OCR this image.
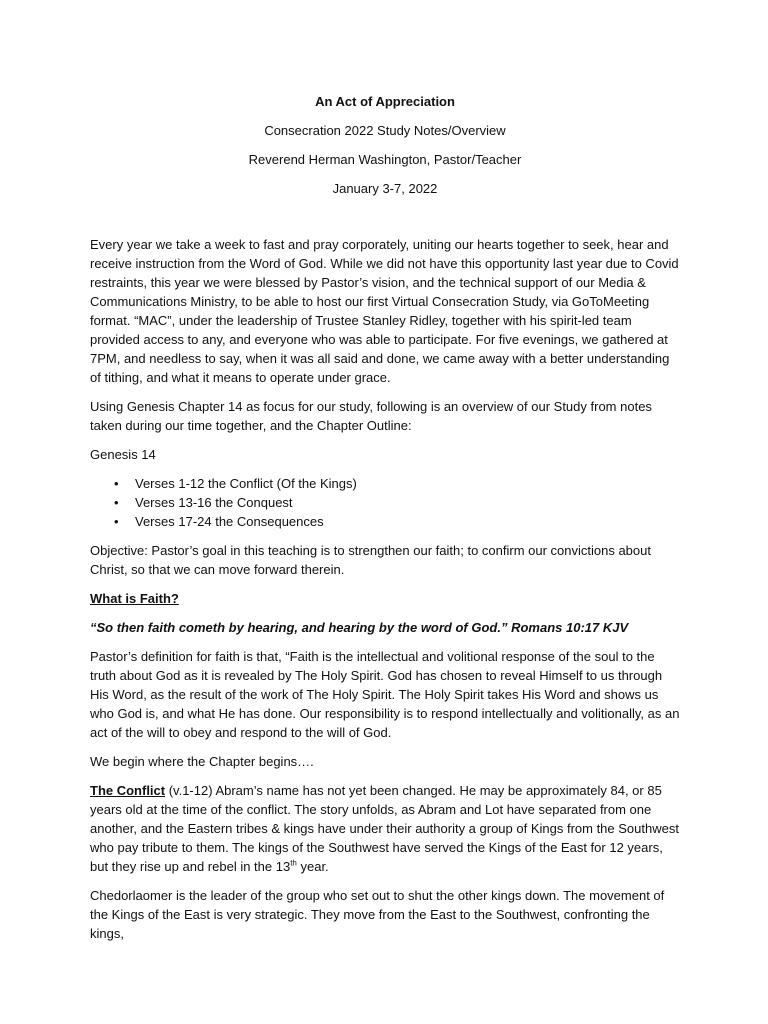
An Act of Appreciation

Consecration 2022 Study Notes/Overview

Reverend Herman Washington, Pastor/Teacher

January 3-7, 2022

Every year we take a week to fast and pray corporately, uniting our hearts together to seek, hear and receive instruction from the Word of God. While we did not have this opportunity last year due to Covid restraints, this year we were blessed by Pastor’s vision, and the technical support of our Media & Communications Ministry, to be able to host our first Virtual Consecration Study, via GoToMeeting format. “MAC”, under the leadership of Trustee Stanley Ridley, together with his spirit-led team provided access to any, and everyone who was able to participate. For five evenings, we gathered at 7PM, and needless to say, when it was all said and done, we came away with a better understanding of tithing, and what it means to operate under grace.

Using Genesis Chapter 14 as focus for our study, following is an overview of our Study from notes taken during our time together, and the Chapter Outline:

Genesis 14

• Verses 1-12 the Conflict (Of the Kings)
• Verses 13-16 the Conquest
• Verses 17-24 the Consequences

Objective: Pastor’s goal in this teaching is to strengthen our faith; to confirm our convictions about Christ, so that we can move forward therein.

What is Faith?

“So then faith cometh by hearing, and hearing by the word of God.” Romans 10:17 KJV

Pastor’s definition for faith is that, “Faith is the intellectual and volitional response of the soul to the truth about God as it is revealed by The Holy Spirit. God has chosen to reveal Himself to us through His Word, as the result of the work of The Holy Spirit. The Holy Spirit takes His Word and shows us who God is, and what He has done. Our responsibility is to respond intellectually and volitionally, as an act of the will to obey and respond to the will of God.

We begin where the Chapter begins….

The Conflict (v.1-12) Abram’s name has not yet been changed. He may be approximately 84, or 85 years old at the time of the conflict. The story unfolds, as Abram and Lot have separated from one another, and the Eastern tribes & kings have under their authority a group of Kings from the Southwest who pay tribute to them. The kings of the Southwest have served the Kings of the East for 12 years, but they rise up and rebel in the 13th year.

Chedorlaomer is the leader of the group who set out to shut the other kings down. The movement of the Kings of the East is very strategic. They move from the East to the Southwest, confronting the kings,
